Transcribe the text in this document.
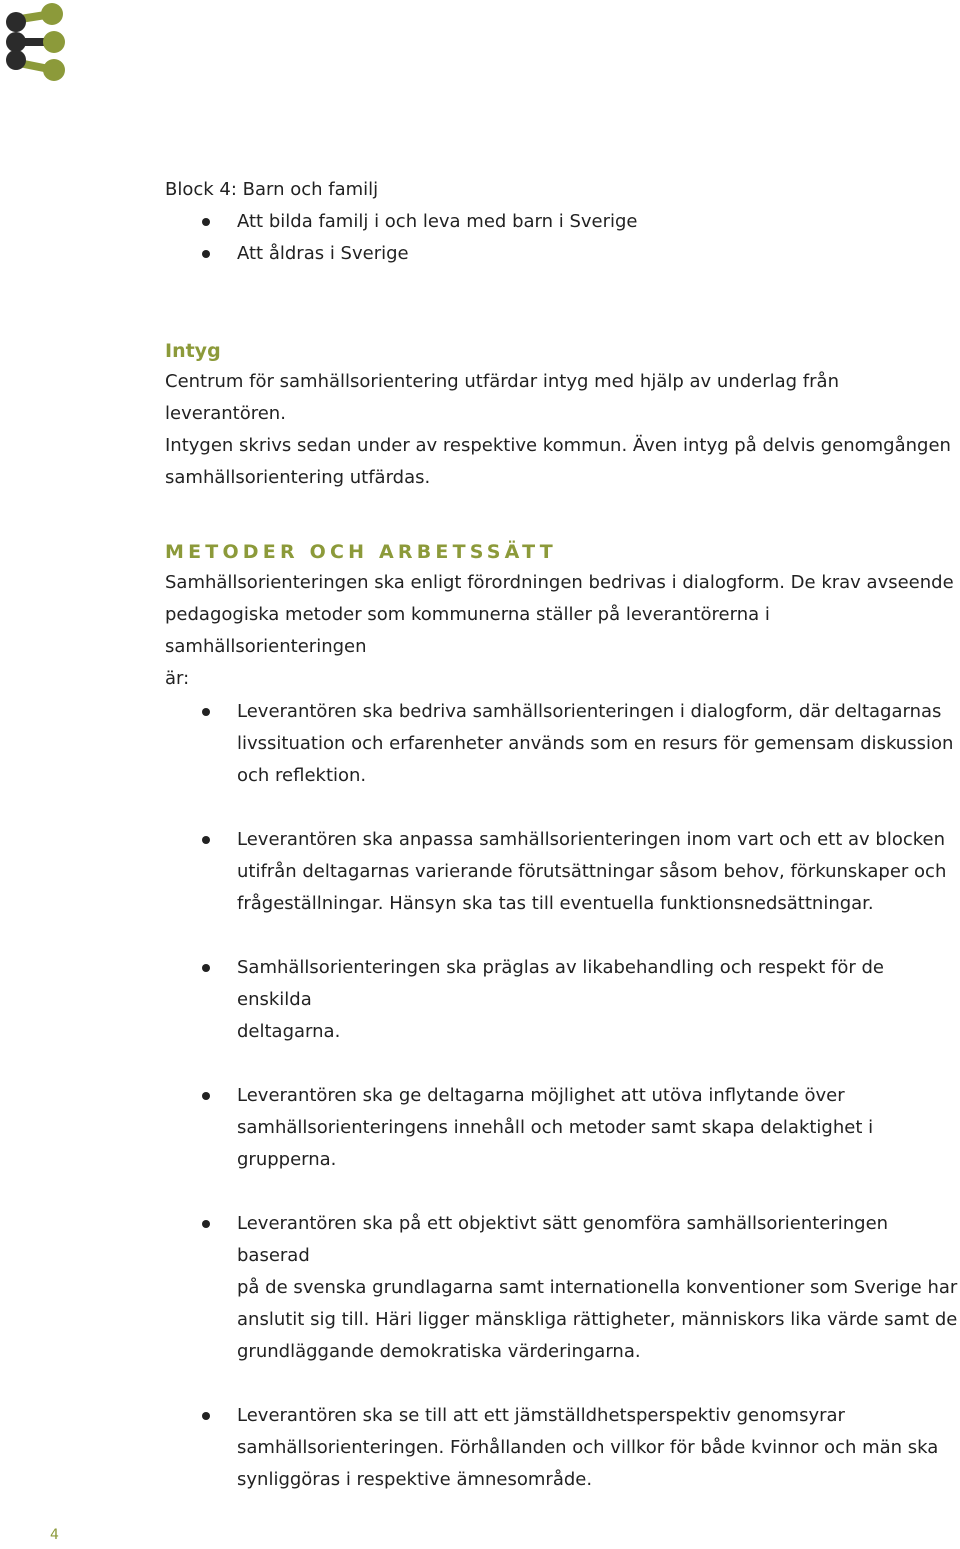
Block 4: Barn och familj

Att bilda familj i och leva med barn i Sverige
Att åldras i Sverige

Intyg

Centrum för samhällsorientering utfärdar intyg med hjälp av underlag från leverantören.
Intygen skrivs sedan under av respektive kommun. Även intyg på delvis genomgången
samhällsorientering utfärdas.

METODER OCH ARBETSSÄTT

Samhällsorienteringen ska enligt förordningen bedrivas i dialogform. De krav avseende
pedagogiska metoder som kommunerna ställer på leverantörerna i samhällsorienteringen
är:
Leverantören ska bedriva samhällsorienteringen i dialogform, där deltagarnas
livssituation och erfarenheter används som en resurs för gemensam diskussion
och reflektion.
Leverantören ska anpassa samhällsorienteringen inom vart och ett av blocken
utifrån deltagarnas varierande förutsättningar såsom behov, förkunskaper och
frågeställningar. Hänsyn ska tas till eventuella funktionsnedsättningar.
Samhällsorienteringen ska präglas av likabehandling och respekt för de enskilda
deltagarna.
Leverantören ska ge deltagarna möjlighet att utöva inflytande över
samhällsorienteringens innehåll och metoder samt skapa delaktighet i grupperna.
Leverantören ska på ett objektivt sätt genomföra samhällsorienteringen baserad
på de svenska grundlagarna samt internationella konventioner som Sverige har
anslutit sig till. Häri ligger mänskliga rättigheter, människors lika värde samt de
grundläggande demokratiska värderingarna.
Leverantören ska se till att ett jämställdhetsperspektiv genomsyrar
samhällsorienteringen. Förhållanden och villkor för både kvinnor och män ska
synliggöras i respektive ämnesområde.
4
